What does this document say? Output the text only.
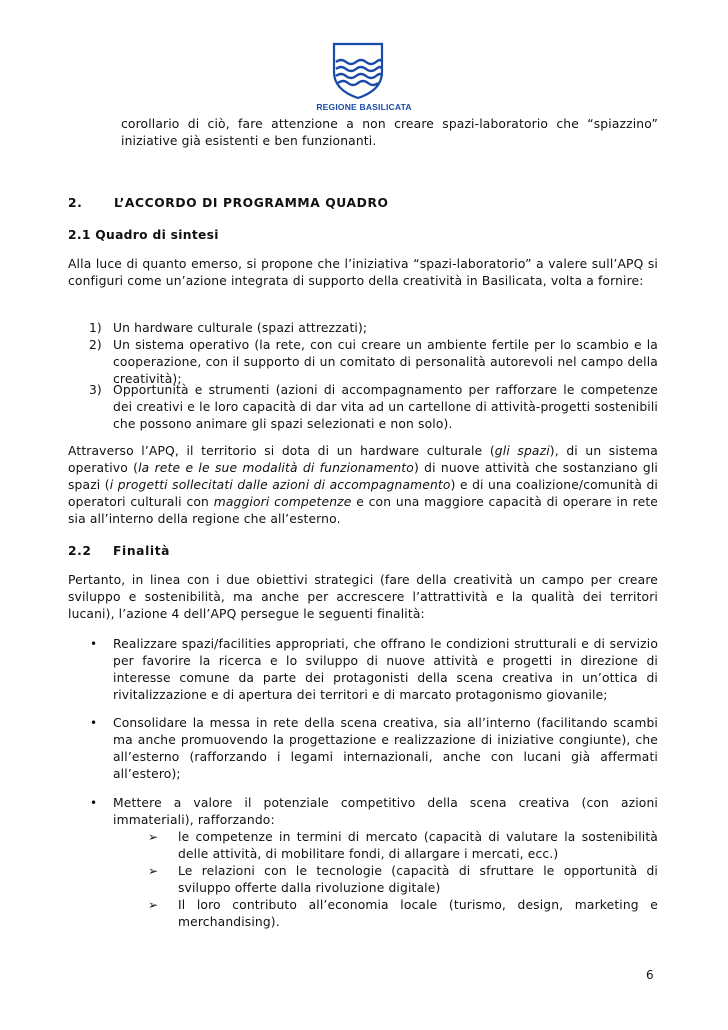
REGIONE BASILICATA
corollario di ciò, fare attenzione a non creare spazi-laboratorio che “spiazzino” iniziative già esistenti e ben funzionanti.
2.	L’ACCORDO DI PROGRAMMA QUADRO
2.1 Quadro di sintesi
Alla luce di quanto emerso, si propone che l’iniziativa “spazi-laboratorio” a valere sull’APQ si configuri come un’azione integrata di supporto della creatività in Basilicata, volta a fornire:
1) Un hardware culturale (spazi attrezzati);
2) Un sistema operativo (la rete, con cui creare un ambiente fertile per lo scambio e la cooperazione, con il supporto di un comitato di personalità autorevoli nel campo della creatività);
3) Opportunità e strumenti (azioni di accompagnamento per rafforzare le competenze dei creativi e le loro capacità di dar vita ad un cartellone di attività-progetti sostenibili che possono animare gli spazi selezionati e non solo).
Attraverso l’APQ, il territorio si dota di un hardware culturale (gli spazi), di un sistema operativo (la rete e le sue modalità di funzionamento) di nuove attività che sostanziano gli spazi (i progetti sollecitati dalle azioni di accompagnamento) e di una coalizione/comunità di operatori culturali con maggiori competenze e con una maggiore capacità di operare in rete sia all’interno della regione che all’esterno.
2.2 Finalità
Pertanto, in linea con i due obiettivi strategici (fare della creatività un campo per creare sviluppo e sostenibilità, ma anche per accrescere l’attrattività e la qualità dei territori lucani), l’azione 4 dell’APQ persegue le seguenti finalità:
• Realizzare spazi/facilities appropriati, che offrano le condizioni strutturali e di servizio per favorire la ricerca e lo sviluppo di nuove attività e progetti in direzione di interesse comune da parte dei protagonisti della scena creativa in un’ottica di rivitalizzazione e di apertura dei territori e di marcato protagonismo giovanile;
• Consolidare la messa in rete della scena creativa, sia all’interno (facilitando scambi ma anche promuovendo la progettazione e realizzazione di iniziative congiunte), che all’esterno (rafforzando i legami internazionali, anche con lucani già affermati all’estero);
• Mettere a valore il potenziale competitivo della scena creativa (con azioni immateriali), rafforzando:
➢ le competenze in termini di mercato (capacità di valutare la sostenibilità delle attività, di mobilitare fondi, di allargare i mercati, ecc.)
➢ Le relazioni con le tecnologie (capacità di sfruttare le opportunità di sviluppo offerte dalla rivoluzione digitale)
➢ Il loro contributo all’economia locale (turismo, design, marketing e merchandising).
6
